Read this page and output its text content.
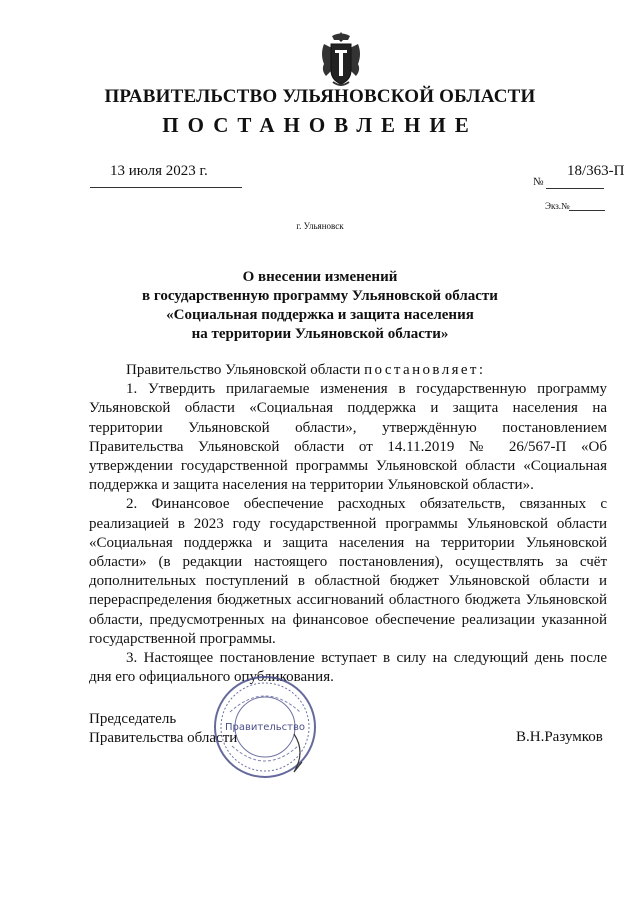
ПРАВИТЕЛЬСТВО УЛЬЯНОВСКОЙ ОБЛАСТИ
ПОСТАНОВЛЕНИЕ
13 июля 2023 г.	18/363-П
№
Экз.№
г. Ульяновск
О внесении изменений
в государственную программу Ульяновской области
«Социальная поддержка и защита населения
на территории Ульяновской области»

Правительство Ульяновской области постановляет:

1. Утвердить прилагаемые изменения в государственную программу Ульяновской области «Социальная поддержка и защита населения на территории Ульяновской области», утверждённую постановлением Правительства Ульяновской области от 14.11.2019 № 26/567-П «Об утверждении государственной программы Ульяновской области «Социальная поддержка и защита населения на территории Ульяновской области».

2. Финансовое обеспечение расходных обязательств, связанных с реализацией в 2023 году государственной программы Ульяновской области «Социальная поддержка и защита населения на территории Ульяновской области» (в редакции настоящего постановления), осуществлять за счёт дополнительных поступлений в областной бюджет Ульяновской области и перераспределения бюджетных ассигнований областного бюджета Ульяновской области, предусмотренных на финансовое обеспечение реализации указанной государственной программы.

3. Настоящее постановление вступает в силу на следующий день после дня его официального опубликования.

Председатель
Правительства области	В.Н.Разумков
Правительство
